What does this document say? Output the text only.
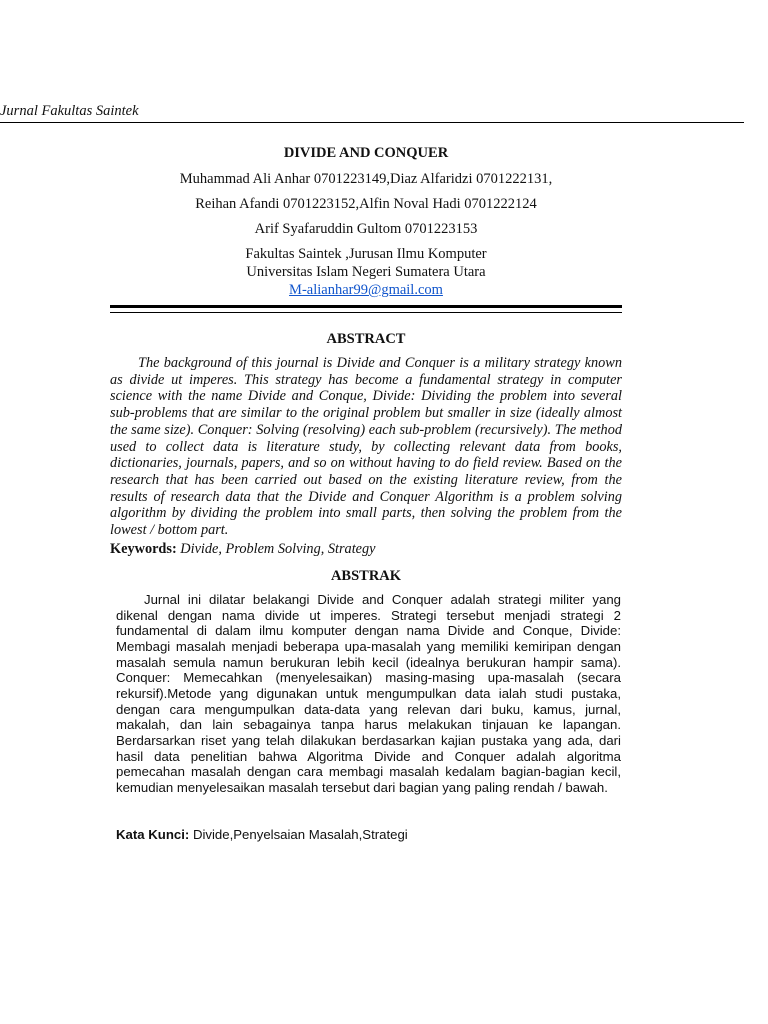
Jurnal Fakultas Saintek
DIVIDE AND CONQUER
Muhammad Ali Anhar 0701223149,Diaz Alfaridzi 0701222131,
Reihan Afandi 0701223152,Alfin Noval Hadi 0701222124
Arif Syafaruddin Gultom 0701223153
Fakultas Saintek ,Jurusan Ilmu Komputer
Universitas Islam Negeri Sumatera Utara
M-alianhar99@gmail.com
ABSTRACT

The background of this journal is Divide and Conquer is a military strategy known as divide ut imperes. This strategy has become a fundamental strategy in computer science with the name Divide and Conque, Divide: Dividing the problem into several sub-problems that are similar to the original problem but smaller in size (ideally almost the same size). Conquer: Solving (resolving) each sub-problem (recursively). The method used to collect data is literature study, by collecting relevant data from books, dictionaries, journals, papers, and so on without having to do field review. Based on the research that has been carried out based on the existing literature review, from the results of research data that the Divide and Conquer Algorithm is a problem solving algorithm by dividing the problem into small parts, then solving the problem from the lowest / bottom part.

Keywords: Divide, Problem Solving, Strategy
ABSTRAK

Jurnal ini dilatar belakangi Divide and Conquer adalah strategi militer yang dikenal dengan nama divide ut imperes. Strategi tersebut menjadi strategi 2 fundamental di dalam ilmu komputer dengan nama Divide and Conque, Divide: Membagi masalah menjadi beberapa upa-masalah yang memiliki kemiripan dengan masalah semula namun berukuran lebih kecil (idealnya berukuran hampir sama). Conquer: Memecahkan (menyelesaikan) masing-masing upa-masalah (secara rekursif).Metode yang digunakan untuk mengumpulkan data ialah studi pustaka, dengan cara mengumpulkan data-data yang relevan dari buku, kamus, jurnal, makalah, dan lain sebagainya tanpa harus melakukan tinjauan ke lapangan. Berdarsarkan riset yang telah dilakukan berdasarkan kajian pustaka yang ada, dari hasil data penelitian bahwa Algoritma Divide and Conquer adalah algoritma pemecahan masalah dengan cara membagi masalah kedalam bagian-bagian kecil, kemudian menyelesaikan masalah tersebut dari bagian yang paling rendah / bawah.

Kata Kunci: Divide,Penyelsaian Masalah,Strategi
